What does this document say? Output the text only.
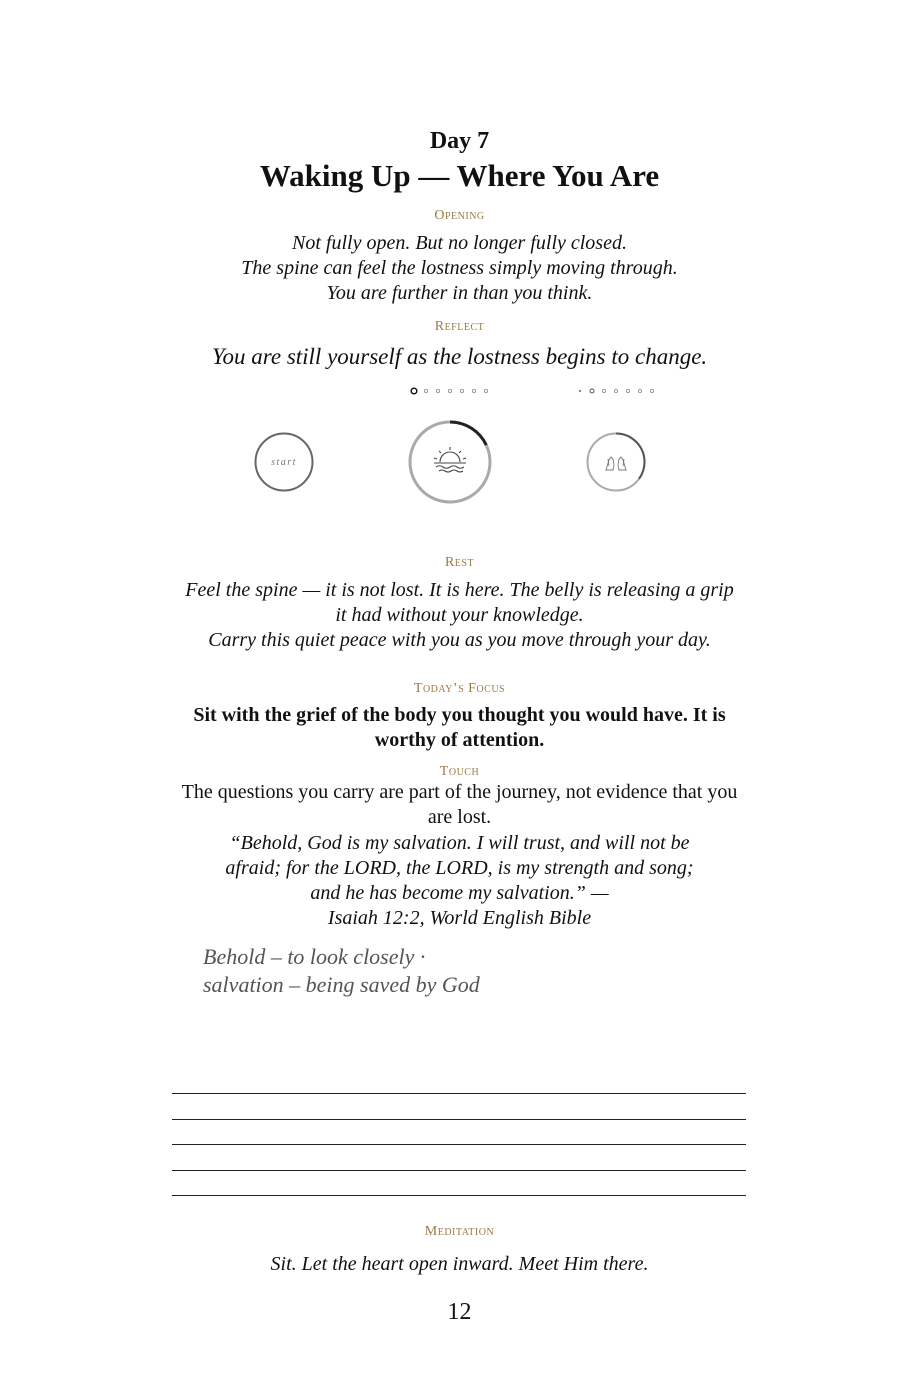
Day 7
Waking Up — Where You Are
Opening
Not fully open. But no longer fully closed.
The spine can feel the lostness simply moving through.
You are further in than you think.
Reflect
You are still yourself as the lostness begins to change.
start
Rest
Feel the spine — it is not lost. It is here. The belly is releasing a grip
it had without your knowledge.
Carry this quiet peace with you as you move through your day.
Today’s Focus
Sit with the grief of the body you thought you would have. It is
worthy of attention.
Touch
The questions you carry are part of the journey, not evidence that you
are lost.
“Behold, God is my salvation. I will trust, and will not be
afraid; for the LORD, the LORD, is my strength and song;
and he has become my salvation.” —
Isaiah 12:2, World English Bible
Behold – to look closely ·
salvation – being saved by God
Meditation
Sit. Let the heart open inward. Meet Him there.
12
